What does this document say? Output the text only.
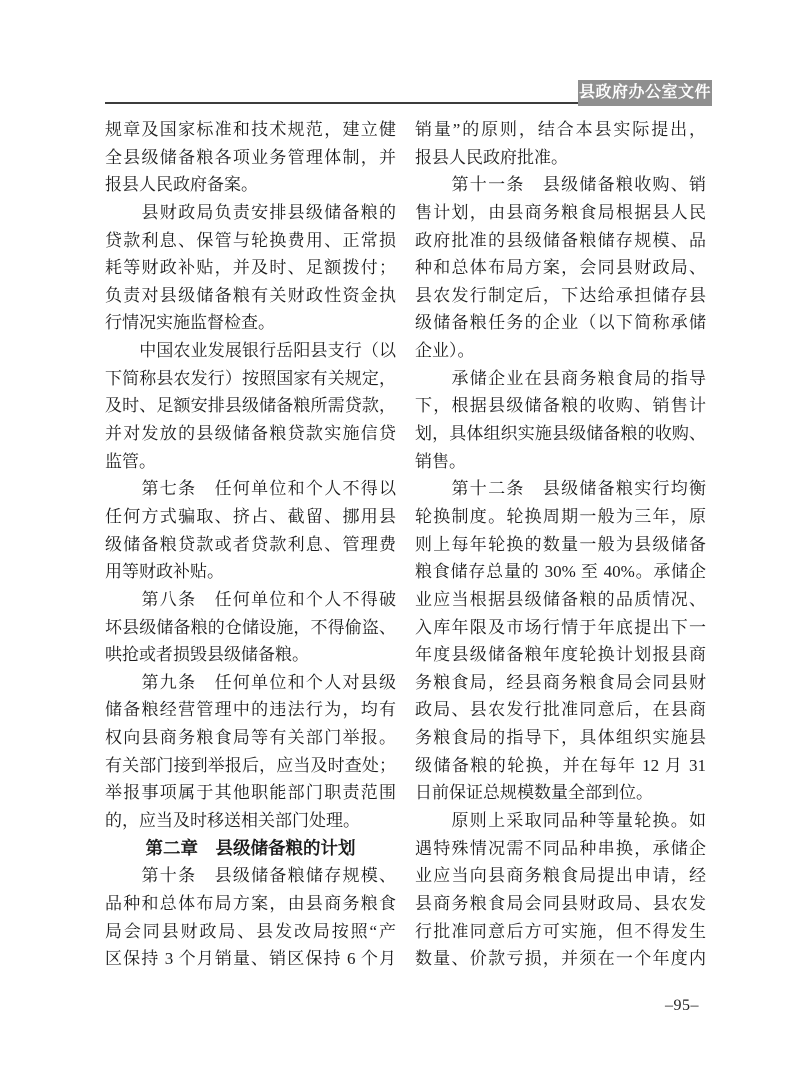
县政府办公室文件
规章及国家标准和技术规范，建立健
全县级储备粮各项业务管理体制，并
报县人民政府备案。
　　县财政局负责安排县级储备粮的
贷款利息、保管与轮换费用、正常损
耗等财政补贴，并及时、足额拨付；
负责对县级储备粮有关财政性资金执
行情况实施监督检查。
　　中国农业发展银行岳阳县支行（以
下简称县农发行）按照国家有关规定，
及时、足额安排县级储备粮所需贷款，
并对发放的县级储备粮贷款实施信贷
监管。
　　第七条　任何单位和个人不得以
任何方式骗取、挤占、截留、挪用县
级储备粮贷款或者贷款利息、管理费
用等财政补贴。
　　第八条　任何单位和个人不得破
坏县级储备粮的仓储设施，不得偷盗、
哄抢或者损毁县级储备粮。
　　第九条　任何单位和个人对县级
储备粮经营管理中的违法行为，均有
权向县商务粮食局等有关部门举报。
有关部门接到举报后，应当及时查处；
举报事项属于其他职能部门职责范围
的，应当及时移送相关部门处理。
第二章　县级储备粮的计划
　　第十条　县级储备粮储存规模、
品种和总体布局方案，由县商务粮食
局会同县财政局、县发改局按照“产
区保持 3 个月销量、销区保持 6 个月
销量”的原则，结合本县实际提出，
报县人民政府批准。
　　第十一条　县级储备粮收购、销
售计划，由县商务粮食局根据县人民
政府批准的县级储备粮储存规模、品
种和总体布局方案，会同县财政局、
县农发行制定后，下达给承担储存县
级储备粮任务的企业（以下简称承储
企业）。
　　承储企业在县商务粮食局的指导
下，根据县级储备粮的收购、销售计
划，具体组织实施县级储备粮的收购、
销售。
　　第十二条　县级储备粮实行均衡
轮换制度。轮换周期一般为三年，原
则上每年轮换的数量一般为县级储备
粮食储存总量的 30% 至 40%。承储企
业应当根据县级储备粮的品质情况、
入库年限及市场行情于年底提出下一
年度县级储备粮年度轮换计划报县商
务粮食局，经县商务粮食局会同县财
政局、县农发行批准同意后，在县商
务粮食局的指导下，具体组织实施县
级储备粮的轮换，并在每年 12 月 31
日前保证总规模数量全部到位。
　　原则上采取同品种等量轮换。如
遇特殊情况需不同品种串换，承储企
业应当向县商务粮食局提出申请，经
县商务粮食局会同县财政局、县农发
行批准同意后方可实施，但不得发生
数量、价款亏损，并须在一个年度内
–95–
